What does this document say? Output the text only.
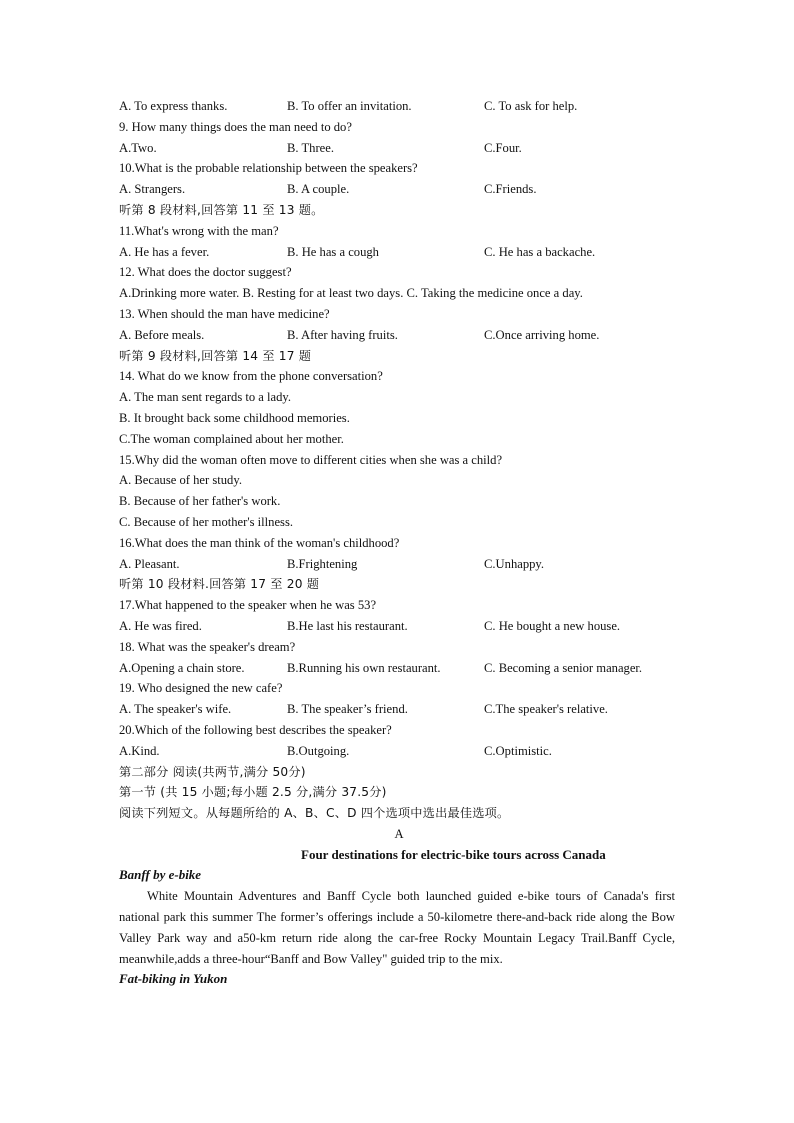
A. To express thanks.	B. To offer an invitation.	C. To ask for help.
9. How many things does the man need to do?
A.Two.	B. Three.	C.Four.
10.What is the probable relationship between the speakers?
A. Strangers.	B. A couple.	C.Friends.
听第 8 段材料,回答第 11 至 13 题。
11.What's wrong with the man?
A. He has a fever.	B. He has a cough	C. He has a backache.
12. What does the doctor suggest?
A.Drinking more water. B. Resting for at least two days. C. Taking the medicine once a day.
13. When should the man have medicine?
A. Before meals.	B. After having fruits.	C.Once arriving home.
听第 9 段材料,回答第 14 至 17 题
14. What do we know from the phone conversation?
A. The man sent regards to a lady.
B. It brought back some childhood memories.
C.The woman complained about her mother.
15.Why did the woman often move to different cities when she was a child?
A. Because of her study.
B. Because of her father's work.
C. Because of her mother's illness.
16.What does the man think of the woman's childhood?
A. Pleasant.	B.Frightening	C.Unhappy.
听第 10 段材料.回答第 17 至 20 题
17.What happened to the speaker when he was 53?
A. He was fired.	B.He last his restaurant.	C. He bought a new house.
18. What was the speaker's dream?
A.Opening a chain store.	B.Running his own restaurant.	C. Becoming a senior manager.
19. Who designed the new cafe?
A. The speaker's wife.	B. The speaker’s friend.	C.The speaker's relative.
20.Which of the following best describes the speaker?
A.Kind.	B.Outgoing.	C.Optimistic.
第二部分 阅读(共两节,满分 50分)
第一节 (共 15 小题;每小题 2.5 分,满分 37.5分)
阅读下列短文。从每题所给的 A、B、C、D 四个选项中选出最佳选项。
A
Four destinations for electric-bike tours across Canada
Banff by e-bike
White Mountain Adventures and Banff Cycle both launched guided e-bike tours of Canada's first national park this summer The former’s offerings include a 50-kilometre there-and-back ride along the Bow Valley Park way and a50-km return ride along the car-free Rocky Mountain Legacy Trail.Banff Cycle, meanwhile,adds a three-hour“Banff and Bow Valley" guided trip to the mix.
Fat-biking in Yukon
